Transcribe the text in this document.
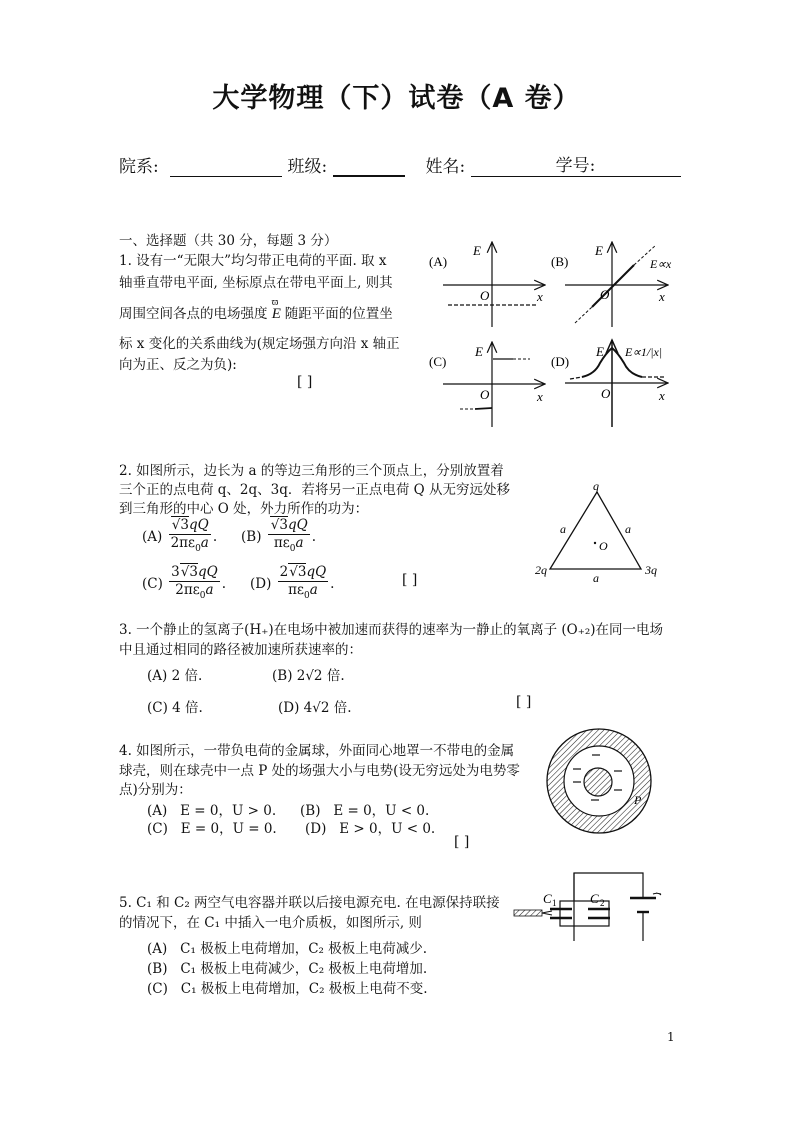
大学物理（下）试卷（A 卷）
院系:	班级:	姓名:	学号:
一、选择题（共 30 分，每题 3 分）
1. 设有一“无限大”均匀带正电荷的平面. 取 x
轴垂直带电平面, 坐标原点在带电平面上, 则其
周围空间各点的电场强度
ϖ
E 随距平面的位置坐
标 x 变化的关系曲线为(规定场强方向沿 x 轴正
向为正、反之为负):
[ ]
(A)
E
O	x
(B)
E
O	x
E∝x
(C)
E
O	x
(D)
E
O	x
E∝1/|x|
2. 如图所示，边长为 a 的等边三角形的三个顶点上，分别放置着
三个正的点电荷 q、2q、3q．若将另一正点电荷 Q 从无穷远处移
到三角形的中心 O 处，外力所作的功为：
$(A) \frac{√3qQ}{2\pi\varepsilon_0a}$ . $(B) \frac{√3qQ}{\pi\varepsilon_0a}$ .
$(C) \frac{3√3qQ}{2\pi\varepsilon_0a}$ . $(D) \frac{2√3qQ}{\pi\varepsilon_0a}$ .	[ ]
q
2q	3q
a	a
a
O
3. 一个静止的氢离子(H₊)在电场中被加速而获得的速率为一静止的氧离子 (O₊₂)在同一电场
中且通过相同的路径被加速所获速率的：
(A) 2 倍.	(B) 2√2 倍.
(C) 4 倍.	(D) 4√2 倍.	[ ]
4. 如图所示，一带负电荷的金属球，外面同心地罩一不带电的金属
球壳，则在球壳中一点 P 处的场强大小与电势(设无穷远处为电势零
点)分别为：
(A)   E = 0，U > 0. (B)   E = 0，U < 0.
(C)   E = 0，U = 0. (D)   E > 0，U < 0.
[ ]
P
5. C₁ 和 C₂ 两空气电容器并联以后接电源充电. 在电源保持联接
的情况下，在 C₁ 中插入一电介质板，如图所示, 则
(A)   C₁ 极板上电荷增加，C₂ 极板上电荷减少.
(B)   C₁ 极板上电荷减少，C₂ 极板上电荷增加.
(C)   C₁ 极板上电荷增加，C₂ 极板上电荷不变.
C 1	C 2
1
